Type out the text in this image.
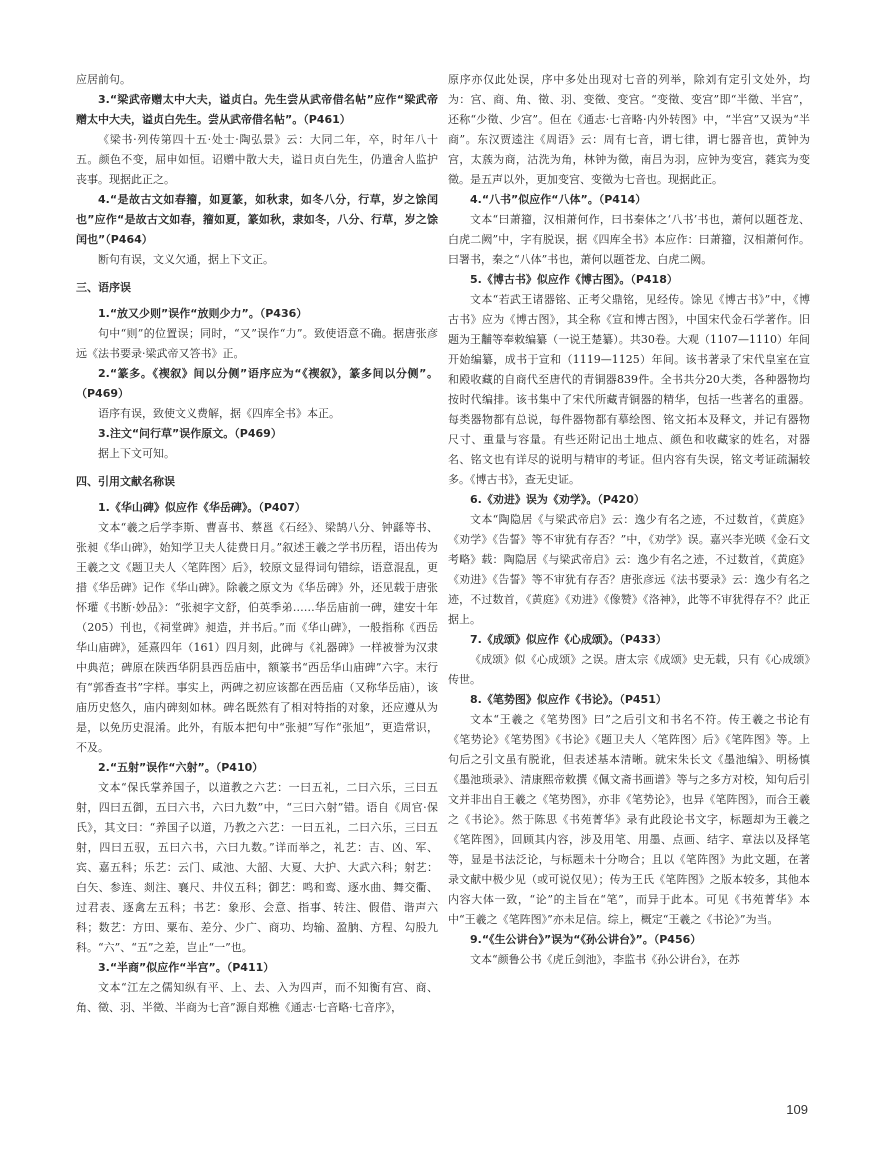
应居前句。

3.“梁武帝赠太中大夫，谥贞白。先生尝从武帝借名帖”应作“梁武帝赠太中大夫，谥贞白先生。尝从武帝借名帖”。（P461）

《梁书·列传第四十五·处士·陶弘景》云：大同二年，卒，时年八十五。颜色不变，屈申如恒。诏赠中散大夫，谥日贞白先生，仍遣舍人监护丧事。现据此正之。

4.“是故古文如春籀，如夏篆，如秋隶，如冬八分，行草，岁之馀闰也”应作“是故古文如春，籀如夏，篆如秋，隶如冬，八分、行草，岁之馀闰也”（P464）

断句有误，文义欠通，据上下文正。

三、语序误

1.“放又少则”误作“放则少力”。（P436）

句中“则”的位置误；同时，“又”误作“力”。致使语意不确。据唐张彦远《法书要录·梁武帝又答书》正。

2.“篆多。《禊叙》间以分侧”语序应为“《禊叙》，篆多间以分侧”。（P469）

语序有误，致使文义费解，据《四库全书》本正。

3.注文“问行草”误作原文。（P469）

据上下文可知。

四、引用文献名称误

1.《华山碑》似应作《华岳碑》。（P407）

文本“羲之后学李斯、曹喜书、蔡邕《石经》、梁鹄八分、钟繇等书、张昶《华山碑》，始知学卫夫人徒费日月。”叙述王羲之学书历程，语出传为王羲之文《题卫夫人〈笔阵图〉后》，较原文显得词句错综，语意混乱，更措《华岳碑》记作《华山碑》。除羲之原文为《华岳碑》外，还见载于唐张怀瓘《书断·妙品》：“张昶字文舒，伯英季弟……华岳庙前一碑，建安十年（205）刊也，《祠堂碑》昶造，并书后。”而《华山碑》，一般指称《西岳华山庙碑》，延熹四年（161）四月刻，此碑与《礼器碑》一样被誉为汉隶中典范；碑原在陕西华阴县西岳庙中，额篆书“西岳华山庙碑”六字。末行有“郭香查书”字样。事实上，两碑之初应该都在西岳庙（又称华岳庙），该庙历史悠久，庙内碑刻如林。碑名既然有了相对特指的对象，还应遵从为是，以免历史混淆。此外，有版本把句中“张昶”写作“张旭”，更造常识，不及。

2.“五射”误作“六射”。（P410）

文本“保氏掌养国子，以道教之六艺：一曰五礼，二曰六乐，三曰五射，四曰五御，五曰六书，六曰九数”中，“三曰六射”错。语自《周官·保氏》，其文曰：“养国子以道，乃教之六艺：一曰五礼，二曰六乐，三曰五射，四曰五驭，五曰六书，六曰九数。”详而举之，礼艺：吉、凶、军、宾、嘉五科；乐艺：云门、咸池、大韶、大夏、大护、大武六科；射艺：白矢、参连、剡注、襄尺、井仪五科；御艺：鸣和鸾、逐水曲、舞交衢、过君表、逐禽左五科；书艺：象形、会意、指事、转注、假借、谐声六科；数艺：方田、粟布、差分、少广、商功、均输、盈朒、方程、勾股九科。“六”、“五”之差，岂止“一”也。

3.“半商”似应作“半宫”。（P411）

文本“江左之儒知纵有平、上、去、入为四声，而不知衡有宫、商、角、徵、羽、半徵、半商为七音”源自郑樵《通志·七音略·七音序》，

原序亦仅此处误，序中多处出现对七音的列举，除刘有定引文处外，均为：宫、商、角、徵、羽、变徵、变宫。“变徵、变宫”即“半徵、半宫”，还称“少徵、少宫”。但在《通志·七音略·内外转图》中，“半宫”又误为“半商”。东汉贾逵注《周语》云：周有七音，谓七律，谓七器音也，黄钟为宫，太蔟为商，沽洗为角，林钟为徵，南吕为羽，应钟为变宫，蕤宾为变徵。是五声以外，更加变宫、变徵为七音也。现据此正。

4.“八书”似应作“八体”。（P414）

文本“曰萧籀，汉相萧何作，曰书秦体之‘八书’书也，萧何以题苍龙、白虎二阙”中，字有脱误，据《四库全书》本应作：曰萧籀，汉相萧何作。曰署书，秦之“八体”书也，萧何以题苍龙、白虎二阙。

5.《博古书》似应作《博古图》。（P418）

文本“若武王诸器铭、正考父鼎铭，见经传。馀见《博古书》”中，《博古书》应为《博古图》，其全称《宣和博古图》，中国宋代金石学著作。旧题为王黼等奉敕编纂（一说王楚纂）。共30卷。大观（1107—1110）年间开始编纂，成书于宣和（1119—1125）年间。该书著录了宋代皇室在宣和殿收藏的自商代至唐代的青铜器839件。全书共分20大类，各种器物均按时代编排。该书集中了宋代所藏青铜器的精华，包括一些著名的重器。每类器物都有总说，每件器物都有摹绘图、铭文拓本及释文，并记有器物尺寸、重量与容量。有些还附记出土地点、颜色和收藏家的姓名，对器名、铭文也有详尽的说明与精审的考证。但内容有失误，铭文考证疏漏较多。《博古书》，查无史证。

6.《劝进》误为《劝学》。（P420）

文本“陶隐居《与梁武帝启》云：逸少有名之迹，不过数首，《黄庭》《劝学》《告誓》等不审犹有存否？”中，《劝学》误。嘉兴李光暎《金石文考略》载：陶隐居《与梁武帝启》云：逸少有名之迹，不过数首，《黄庭》《劝进》《告誓》等不审犹有存否？唐张彦远《法书要录》云：逸少有名之迹，不过数首，《黄庭》《劝进》《像赞》《洛神》，此等不审犹得存不？此正据上。

7.《成颂》似应作《心成颂》。（P433）

《成颂》似《心成颂》之误。唐太宗《成颂》史无载，只有《心成颂》传世。

8.《笔势图》似应作《书论》。（P451）

文本“王羲之《笔势图》曰”之后引文和书名不符。传王羲之书论有《笔势论》《笔势图》《书论》《题卫夫人〈笔阵图〉后》《笔阵图》等。上句后之引文虽有脱讹，但表述基本清晰。就宋朱长文《墨池编》、明杨慎《墨池琐录》、清康熙帝敕撰《佩文斋书画谱》等与之多方对校，知句后引文并非出自王羲之《笔势图》，亦非《笔势论》，也异《笔阵图》，而合王羲之《书论》。然于陈思《书苑菁华》录有此段论书文字，标题却为王羲之《笔阵图》，回顾其内容，涉及用笔、用墨、点画、结字、章法以及择笔等，显是书法泛论，与标题未十分吻合；且以《笔阵图》为此文题，在著录文献中极少见（或可说仅见）；传为王氏《笔阵图》之版本较多，其他本内容大体一致，“论”的主旨在“笔”，而异于此本。可见《书苑菁华》本中“王羲之《笔阵图》”亦未足信。综上，概定“王羲之《书论》”为当。

9.“《生公讲台》”误为“《孙公讲台》”。（P456）

文本“颜鲁公书《虎丘剑池》，李监书《孙公讲台》，在苏

109
